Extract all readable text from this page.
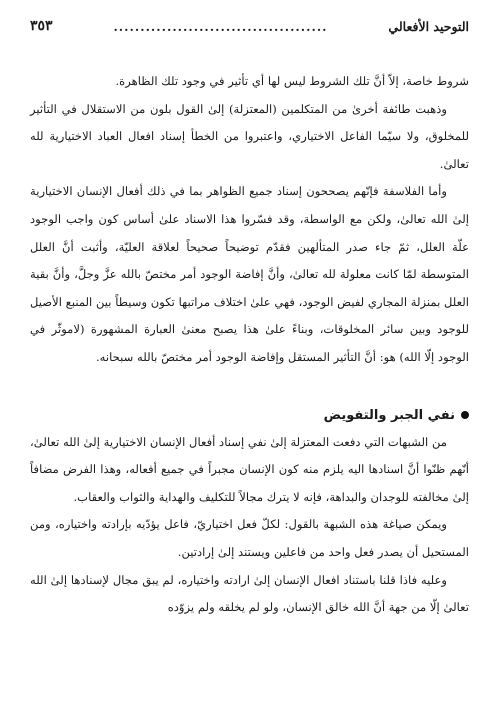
التوحيد الأفعالي
........................................
٣٥٣

شروط خاصة، إلاّ أنَّ تلك الشروط ليس لها أي تأثير في وجود تلك الظاهرة.

وذهبت طائفة أخرىٰ من المتكلمين (المعتزلة) إلىٰ القول بلون من الاستقلال في التأثير للمخلوق، ولا سيّما الفاعل الاختياري، واعتبروا من الخطأ إسناد افعال العباد الاختيارية لله تعالىٰ.

وأما الفلاسفة فإنّهم يصححون إسناد جميع الظواهر بما في ذلك أفعال الإنسان الاختيارية إلىٰ الله تعالىٰ، ولكن مع الواسطة، وقد فسّروا هذا الاسناد علىٰ أساس كون واجب الوجود علّة العلل، ثمّ جاء صدر المتألهين فقدّم توضيحاً صحيحاً لعلاقة العليّة، وأثبت أنَّ العلل المتوسطة لمّا كانت معلولة لله تعالىٰ، وأنَّ إفاضة الوجود أمر مختصّ بالله عزَّ وجلَّ، وأنَّ بقية العلل بمنزلة المجاري لفيض الوجود، فهي علىٰ اختلاف مراتبها تكون وسيطاً بين المنبع الأصيل للوجود وبين سائر المخلوقات، وبناءً علىٰ هذا يصبح معنىٰ العبارة المشهورة (لاموثّر في الوجود إلّا الله) هو: أنَّ التأثير المستقل وإفاضة الوجود أمر مختصّ بالله سبحانه.

نفي الجبر والتفويض

من الشبهات التي دفعت المعتزلة إلىٰ نفي إسناد أفعال الإنسان الاختيارية إلىٰ الله تعالىٰ، أنّهم ظنّوا أنَّ اسنادها اليه يلزم منه كون الإنسان مجبراً في جميع أفعاله، وهذا الفرض مضافاً إلىٰ مخالفته للوجدان والبداهة، فإنه لا يترك مجالاً للتكليف والهداية والثواب والعقاب.

ويمكن صياغة هذه الشبهة بالقول: لكلّ فعل اختياريّ، فاعل يؤدّيه بإرادته واختياره، ومن المستحيل أن يصدر فعل واحد من فاعلين ويستند إلىٰ إرادتين.

وعليه فاذا قلنا باستناد افعال الإنسان إلىٰ ارادته واختياره، لم يبق مجال لإسنادها إلىٰ الله تعالىٰ إلّا من جهة أنَّ الله خالق الإنسان، ولو لم يخلقه ولم يزوّده
